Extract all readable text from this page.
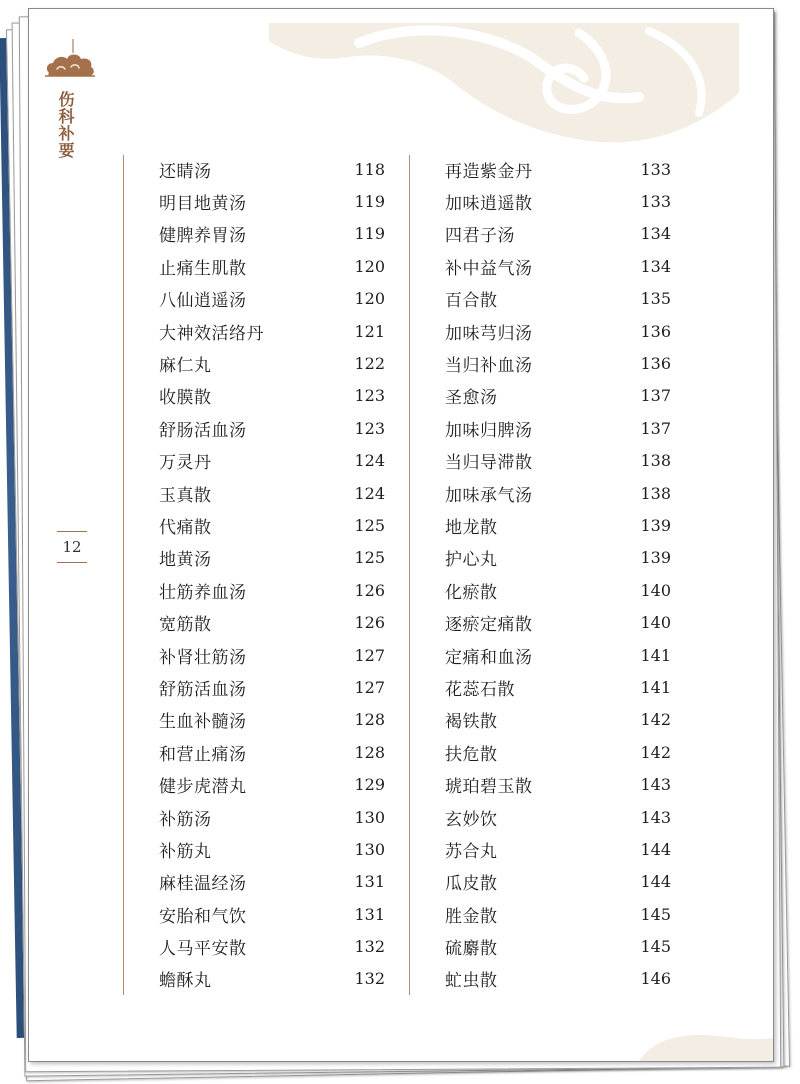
伤科补要
12
还睛汤	118
明目地黄汤	119
健脾养胃汤	119
止痛生肌散	120
八仙逍遥汤	120
大神效活络丹	121
麻仁丸	122
收膜散	123
舒肠活血汤	123
万灵丹	124
玉真散	124
代痛散	125
地黄汤	125
壮筋养血汤	126
宽筋散	126
补肾壮筋汤	127
舒筋活血汤	127
生血补髓汤	128
和营止痛汤	128
健步虎潜丸	129
补筋汤	130
补筋丸	130
麻桂温经汤	131
安胎和气饮	131
人马平安散	132
蟾酥丸	132
再造紫金丹	133
加味逍遥散	133
四君子汤	134
补中益气汤	134
百合散	135
加味芎归汤	136
当归补血汤	136
圣愈汤	137
加味归脾汤	137
当归导滞散	138
加味承气汤	138
地龙散	139
护心丸	139
化瘀散	140
逐瘀定痛散	140
定痛和血汤	141
花蕊石散	141
褐铁散	142
扶危散	142
琥珀碧玉散	143
玄妙饮	143
苏合丸	144
瓜皮散	144
胜金散	145
硫麝散	145
虻虫散	146
